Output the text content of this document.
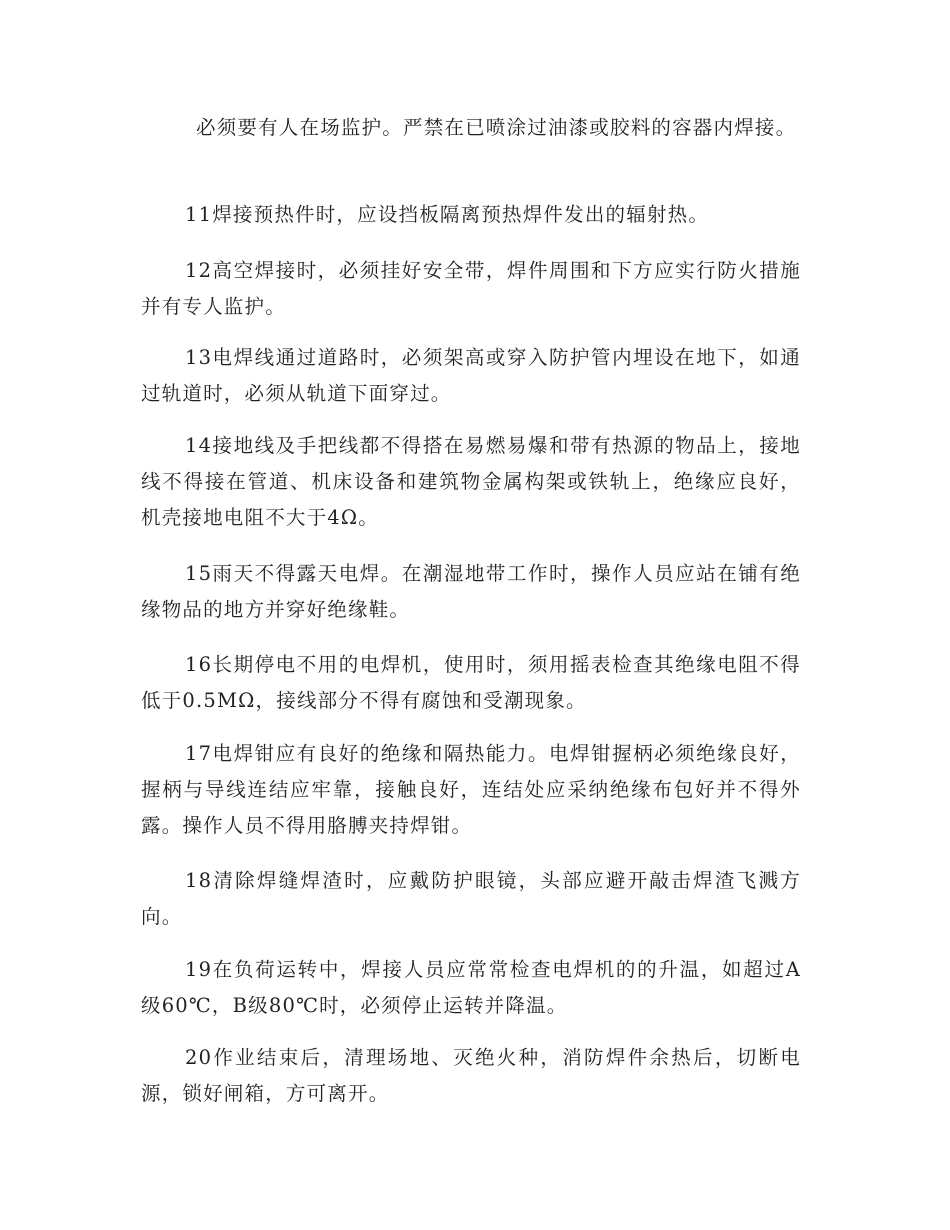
必须要有人在场监护。严禁在已喷涂过油漆或胶料的容器内焊接。

11焊接预热件时，应设挡板隔离预热焊件发出的辐射热。

12高空焊接时，必须挂好安全带，焊件周围和下方应实行防火措施并有专人监护。

13电焊线通过道路时，必须架高或穿入防护管内埋设在地下，如通过轨道时，必须从轨道下面穿过。

14接地线及手把线都不得搭在易燃易爆和带有热源的物品上，接地线不得接在管道、机床设备和建筑物金属构架或铁轨上，绝缘应良好，机壳接地电阻不大于4Ω。

15雨天不得露天电焊。在潮湿地带工作时，操作人员应站在铺有绝缘物品的地方并穿好绝缘鞋。

16长期停电不用的电焊机，使用时，须用摇表检查其绝缘电阻不得低于0.5MΩ，接线部分不得有腐蚀和受潮现象。

17电焊钳应有良好的绝缘和隔热能力。电焊钳握柄必须绝缘良好，握柄与导线连结应牢靠，接触良好，连结处应采纳绝缘布包好并不得外露。操作人员不得用胳膊夹持焊钳。

18清除焊缝焊渣时，应戴防护眼镜，头部应避开敲击焊渣飞溅方向。

19在负荷运转中，焊接人员应常常检查电焊机的的升温，如超过A级60℃，B级80℃时，必须停止运转并降温。

20作业结束后，清理场地、灭绝火种，消防焊件余热后，切断电源，锁好闸箱，方可离开。
